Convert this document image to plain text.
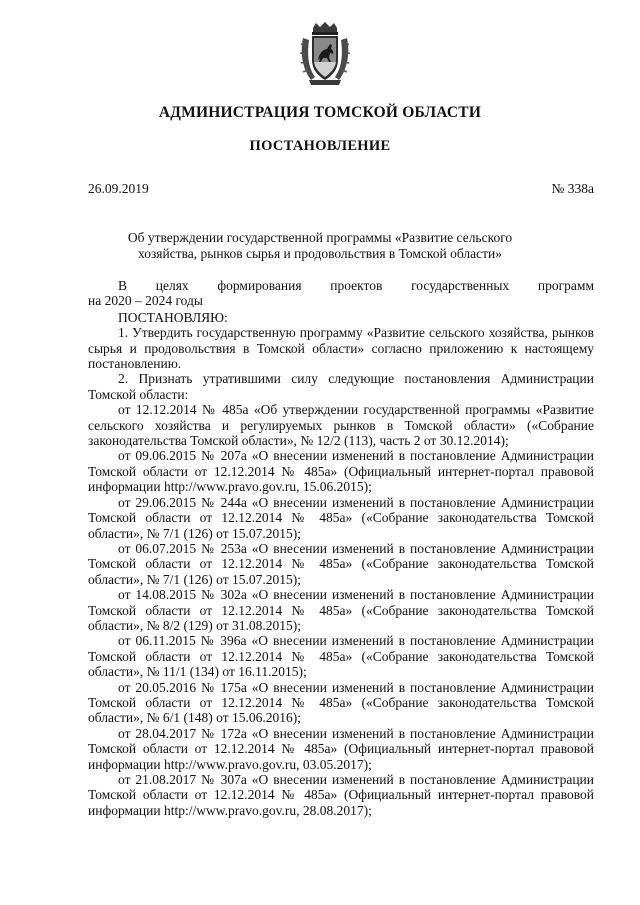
АДМИНИСТРАЦИЯ ТОМСКОЙ ОБЛАСТИ
ПОСТАНОВЛЕНИЕ
26.09.2019	№ 338а
Об утверждении государственной программы «Развитие сельского
хозяйства, рынков сырья и продовольствия в Томской области»
В целях формирования проектов государственных программ
на 2020 – 2024 годы
ПОСТАНОВЛЯЮ:
1. Утвердить государственную программу «Развитие сельского хозяйства, рынков сырья и продовольствия в Томской области» согласно приложению к настоящему постановлению.
2. Признать утратившими силу следующие постановления Администрации Томской области:
от 12.12.2014 № 485а «Об утверждении государственной программы «Развитие сельского хозяйства и регулируемых рынков в Томской области» («Собрание законодательства Томской области», № 12/2 (113), часть 2 от 30.12.2014);
от 09.06.2015 № 207а «О внесении изменений в постановление Администрации Томской области от 12.12.2014 № 485а» (Официальный интернет-портал правовой информации http://www.pravo.gov.ru, 15.06.2015);
от 29.06.2015 № 244а «О внесении изменений в постановление Администрации Томской области от 12.12.2014 № 485а» («Собрание законодательства Томской области», № 7/1 (126) от 15.07.2015);
от 06.07.2015 № 253а «О внесении изменений в постановление Администрации Томской области от 12.12.2014 № 485а» («Собрание законодательства Томской области», № 7/1 (126) от 15.07.2015);
от 14.08.2015 № 302а «О внесении изменений в постановление Администрации Томской области от 12.12.2014 № 485а» («Собрание законодательства Томской области», № 8/2 (129) от 31.08.2015);
от 06.11.2015 № 396а «О внесении изменений в постановление Администрации Томской области от 12.12.2014 № 485а» («Собрание законодательства Томской области», № 11/1 (134) от 16.11.2015);
от 20.05.2016 № 175а «О внесении изменений в постановление Администрации Томской области от 12.12.2014 № 485а» («Собрание законодательства Томской области», № 6/1 (148) от 15.06.2016);
от 28.04.2017 № 172а «О внесении изменений в постановление Администрации Томской области от 12.12.2014 № 485а» (Официальный интернет-портал правовой информации http://www.pravo.gov.ru, 03.05.2017);
от 21.08.2017 № 307а «О внесении изменений в постановление Администрации Томской области от 12.12.2014 № 485а» (Официальный интернет-портал правовой информации http://www.pravo.gov.ru, 28.08.2017);
